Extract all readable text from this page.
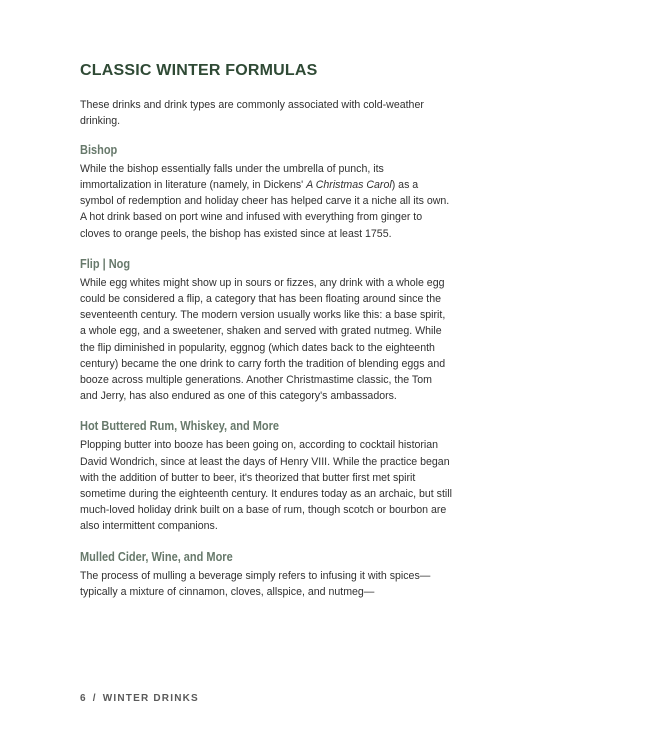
CLASSIC WINTER FORMULAS

These drinks and drink types are commonly associated with cold-weather drinking.

Bishop

While the bishop essentially falls under the umbrella of punch, its immortalization in literature (namely, in Dickens' A Christmas Carol) as a symbol of redemption and holiday cheer has helped carve it a niche all its own. A hot drink based on port wine and infused with everything from ginger to cloves to orange peels, the bishop has existed since at least 1755.

Flip | Nog

While egg whites might show up in sours or fizzes, any drink with a whole egg could be considered a flip, a category that has been floating around since the seventeenth century. The modern version usually works like this: a base spirit, a whole egg, and a sweetener, shaken and served with grated nutmeg. While the flip diminished in popularity, eggnog (which dates back to the eighteenth century) became the one drink to carry forth the tradition of blending eggs and booze across multiple generations. Another Christmastime classic, the Tom and Jerry, has also endured as one of this category's ambassadors.

Hot Buttered Rum, Whiskey, and More

Plopping butter into booze has been going on, according to cocktail historian David Wondrich, since at least the days of Henry VIII. While the practice began with the addition of butter to beer, it's theorized that butter first met spirit sometime during the eighteenth century. It endures today as an archaic, but still much-loved holiday drink built on a base of rum, though scotch or bourbon are also intermittent companions.

Mulled Cider, Wine, and More

The process of mulling a beverage simply refers to infusing it with spices—typically a mixture of cinnamon, cloves, allspice, and nutmeg—

6 / WINTER DRINKS
